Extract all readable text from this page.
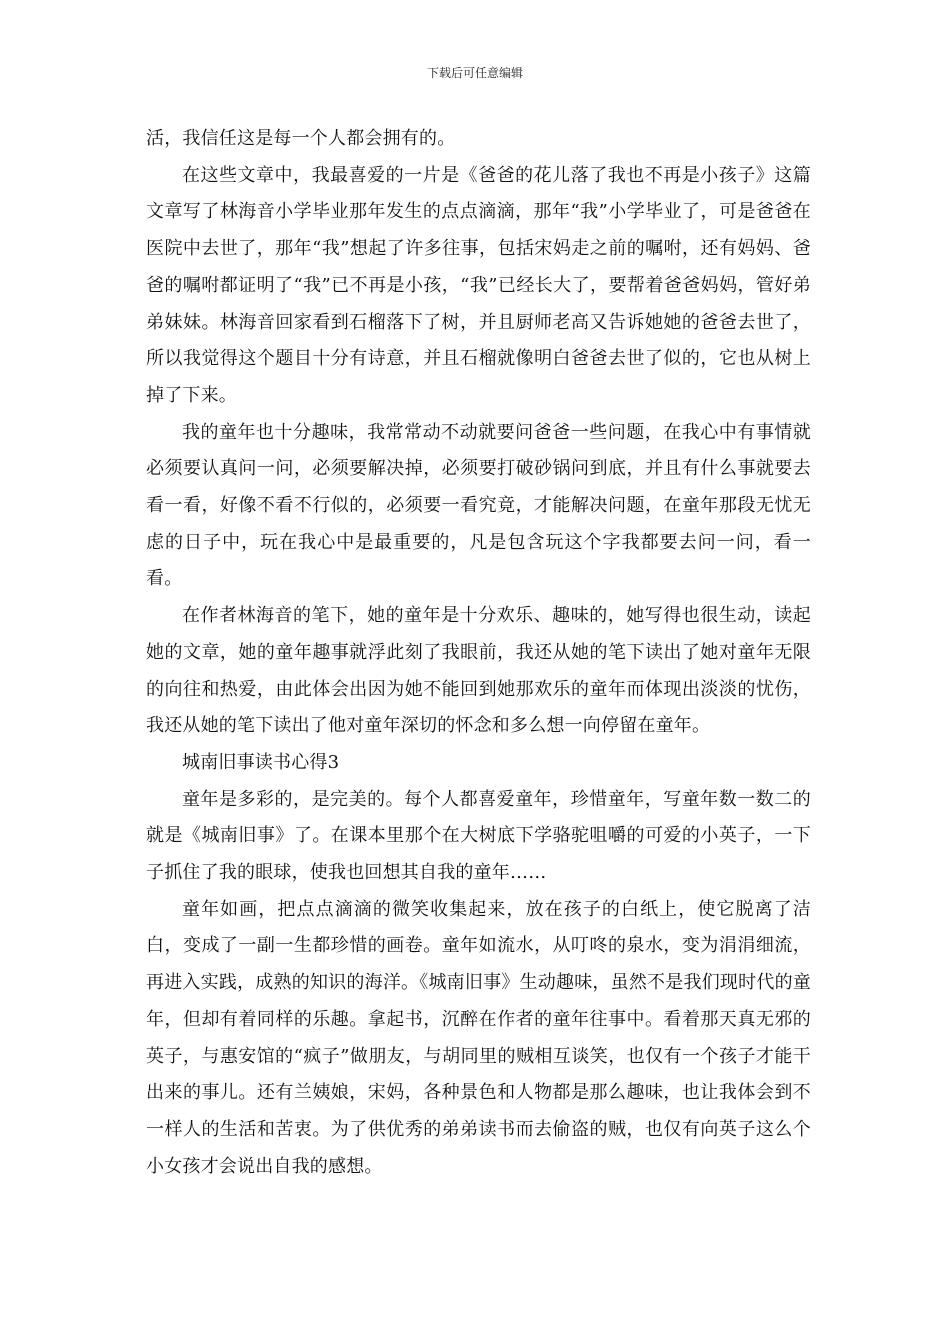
下载后可任意编辑

活，我信任这是每一个人都会拥有的。

在这些文章中，我最喜爱的一片是《爸爸的花儿落了我也不再是小孩子》这篇文章写了林海音小学毕业那年发生的点点滴滴，那年“我”小学毕业了，可是爸爸在医院中去世了，那年“我”想起了许多往事，包括宋妈走之前的嘱咐，还有妈妈、爸爸的嘱咐都证明了“我”已不再是小孩，“我”已经长大了，要帮着爸爸妈妈，管好弟弟妹妹。林海音回家看到石榴落下了树，并且厨师老高又告诉她她的爸爸去世了，所以我觉得这个题目十分有诗意，并且石榴就像明白爸爸去世了似的，它也从树上掉了下来。

我的童年也十分趣味，我常常动不动就要问爸爸一些问题，在我心中有事情就必须要认真问一问，必须要解决掉，必须要打破砂锅问到底，并且有什么事就要去看一看，好像不看不行似的，必须要一看究竟，才能解决问题，在童年那段无忧无虑的日子中，玩在我心中是最重要的，凡是包含玩这个字我都要去问一问，看一看。

在作者林海音的笔下，她的童年是十分欢乐、趣味的，她写得也很生动，读起她的文章，她的童年趣事就浮此刻了我眼前，我还从她的笔下读出了她对童年无限的向往和热爱，由此体会出因为她不能回到她那欢乐的童年而体现出淡淡的忧伤，我还从她的笔下读出了他对童年深切的怀念和多么想一向停留在童年。

城南旧事读书心得3

童年是多彩的，是完美的。每个人都喜爱童年，珍惜童年，写童年数一数二的就是《城南旧事》了。在课本里那个在大树底下学骆驼咀嚼的可爱的小英子，一下子抓住了我的眼球，使我也回想其自我的童年……

童年如画，把点点滴滴的微笑收集起来，放在孩子的白纸上，使它脱离了洁白，变成了一副一生都珍惜的画卷。童年如流水，从叮咚的泉水，变为涓涓细流，再进入实践，成熟的知识的海洋。《城南旧事》生动趣味，虽然不是我们现时代的童年，但却有着同样的乐趣。拿起书，沉醉在作者的童年往事中。看着那天真无邪的英子，与惠安馆的“疯子”做朋友，与胡同里的贼相互谈笑，也仅有一个孩子才能干出来的事儿。还有兰姨娘，宋妈，各种景色和人物都是那么趣味，也让我体会到不一样人的生活和苦衷。为了供优秀的弟弟读书而去偷盗的贼，也仅有向英子这么个小女孩才会说出自我的感想。
